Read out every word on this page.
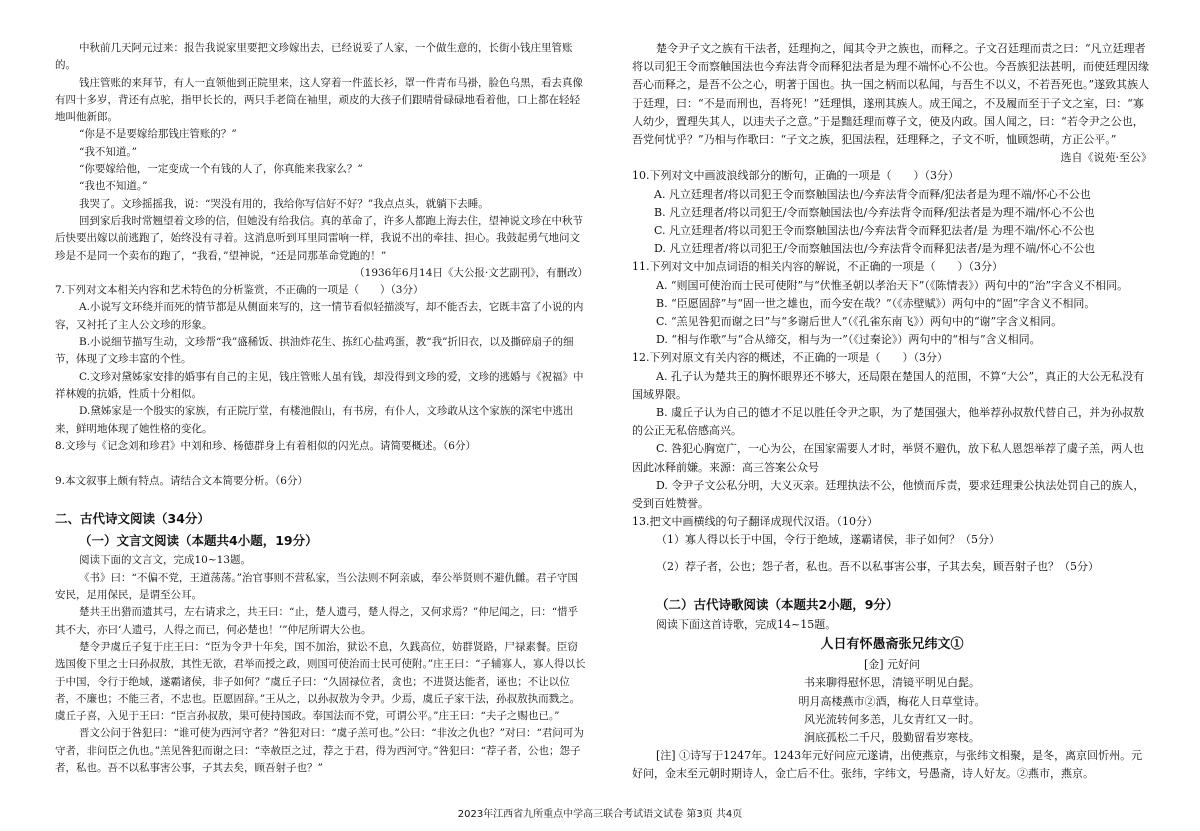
中秋前几天阿元过来：报告我说家里要把文珍嫁出去，已经说妥了人家，一个做生意的，长街小钱庄里管账的。

钱庄管账的来拜节，有人一直领他到正院里来，这人穿着一件蓝长衫，罩一件青布马褂，脸色乌黑，看去真像有四十多岁，背还有点驼，指甲长长的，两只手老筒在袖里，顽皮的大孩子们跟晴骨碌碌地看着他，口上都在轻轻地叫他新郎。

“你是不是要嫁给那钱庄管账的？”

“我不知道。”

“你要嫁给他，一定变成一个有钱的人了，你真能来我家么？”

“我也不知道。”

我哭了。文珍摇摇我，说：“哭没有用的，我给你写信好不好？”我点点头，就躺下去睡。

回到家后我时常翘望着文珍的信，但她没有给我信。真的革命了，许多人都跑上海去住，望神说文珍在中秋节后快要出嫁以前逃跑了，始终没有寻着。这消息听到耳里同雷响一样，我说不出的牵挂、担心。我鼓起勇气地问文珍是不是同一个卖布的跑了，“我看，”望神说，“还是同那革命党跑的！”

（1936年6月14日《大公报·文艺副刊》，有删改）

7.下列对文本相关内容和艺术特色的分析鉴赏，不正确的一项是（　　）（3分）

A.小说写文环绕并而死的情节都是从侧面来写的，这一情节看似轻描淡写，却不能否去，它既丰富了小说的内容，又衬托了主人公文珍的形象。

B.小说细节描写生动，文珍帮“我”盛稀饭、拱油炸花生、拣红心盐鸡蛋，教“我”折旧衣，以及撕碎扇子的细节，体现了文珍丰富的个性。

C.文珍对黛姊家安排的婚事有自己的主见，钱庄管账人虽有钱，却没得到文珍的爱，文珍的逃婚与《祝福》中祥林嫂的抗婚，性质十分相似。

D.黛姊家是一个殷实的家族，有正院厅堂，有楼池假山，有书房，有仆人，文珍敢从这个家族的深宅中逃出来，鲜明地体现了她性格的变化。

8.文珍与《记念刘和珍君》中刘和珍、杨德群身上有着相似的闪光点。请简要概述。（6分）

9.本文叙事上颇有特点。请结合文本简要分析。（6分）

二、古代诗文阅读（34分）

（一）文言文阅读（本题共4小题，19分）

阅读下面的文言文，完成10~13题。

《书》曰：“不偏不党，王道荡荡。”治官事则不营私家，当公法则不阿亲戚，奉公举贤则不避仇雠。君子守国安民，足用保民，是谓至公耳。

楚共王出猎而遗其弓，左右请求之，共王曰：“止，楚人遗弓，楚人得之，又何求焉？”仲尼闻之，曰：“惜乎其不大，亦曰‘人遗弓，人得之而已，何必楚也！’”仲尼所谓大公也。

楚令尹虞丘子复于庄王曰：“臣为令尹十年矣，国不加治，狱讼不息，久践高位，妨群贤路，尸禄素餐。臣窃选国俊下里之士曰孙叔敖，其性无欲，君举而授之政，则国可使治而士民可使附。”庄王曰：“子辅寡人，寡人得以长于中国，令行于绝域，遂霸诸侯，非子如何？”虞丘子曰：“久固禄位者，贪也；不进贤达能者，诬也；不让以位者，不廉也；不能三者，不忠也。臣愿固辞。”王从之，以孙叔敖为令尹。少焉，虞丘子家干法，孙叔敖执而戮之。虞丘子喜，入见于王曰：“臣言孙叔敖，果可使持国政。奉国法而不党，可谓公平。”庄王曰：“夫子之赐也已。”

晋文公问于咎犯曰：“谁可使为西河守者？”咎犯对曰：“虞子羔可也。”公曰：“非汝之仇也？”对曰：“君问可为守者，非问臣之仇也。”羔见咎犯而谢之曰：“幸赦臣之过，荐之于君，得为西河守。”咎犯曰：“荐子者，公也；怨子者，私也。吾不以私事害公事，子其去矣，顾吾射子也？”

楚令尹子文之族有干法者，廷理拘之，闻其令尹之族也，而释之。子文召廷理而责之曰：“凡立廷理者将以司犯王令而察触国法也今弃法背令而释犯法者是为理不端怀心不公也。今吾族犯法甚明，而使廷理因缘吾心而释之，是吾不公之心，明著于国也。执一国之柄而以私闻，与吾生不以义，不若吾死也。”遂致其族人于廷理，曰：“不是而刑也，吾将死！”廷理惧，遂刑其族人。成王闻之，不及履而至于子文之室，曰：“寡人幼少，置理失其人，以违夫子之意。”于是黜廷理而尊子文，使及内政。国人闻之，曰：“若令尹之公也，吾党何忧乎？”乃相与作歌曰：“子文之族，犯国法程，廷理释之，子文不听，恤顾怨萌，方正公平。”

选自《说苑·至公》

10.下列对文中画波浪线部分的断句，正确的一项是（　　）（3分）

A. 凡立廷理者/将以司犯王令而察触国法也/今弃法背令而释/犯法者是为理不端/怀心不公也

B. 凡立廷理者/将以司犯王/令而察触国法也/今弃法背令而释/犯法者是为理不端/怀心不公也

C. 凡立廷理者/将以司犯王令而察触国法也/今弃法背令而释犯法者/是 为理不端/怀心不公也

D. 凡立廷理者/将以司犯王/令而察触国法也/今弃法背令而释犯法者/是为理不端/怀心不公也

11.下列对文中加点词语的相关内容的解说，不正确的一项是（　　）（3分）

A. “则国可使治而士民可使附”与“伏惟圣朝以孝治天下”（《陈情表》）两句中的“治”字含义不相同。

B. “臣愿固辞”与“固一世之雄也，而今安在哉？”（《赤壁赋》）两句中的“固”字含义不相同。

C. “羔见咎犯而谢之曰”与“多谢后世人”（《孔雀东南飞》）两句中的“谢”字含义相同。

D. “相与作歌”与“合从缔交，相与为一”（《过秦论》）两句中的“相与”含义相同。

12.下列对原文有关内容的概述，不正确的一项是（　　）（3分）

A. 孔子认为楚共王的胸怀眼界还不够大，还局限在楚国人的范围，不算“大公”，真正的大公无私没有国域界限。

B. 虞丘子认为自己的德才不足以胜任令尹之职，为了楚国强大，他举荐孙叔敖代替自己，并为孙叔敖的公正无私倍感高兴。

C. 咎犯心胸宽广，一心为公，在国家需要人才时，举贤不避仇，放下私人恩怨举荐了虞子羔，两人也因此冰释前嫌。来源：高三答案公众号

D. 令尹子文公私分明，大义灭亲。廷理执法不公，他愤而斥责，要求廷理秉公执法处罚自己的族人，受到百姓赞誉。

13.把文中画横线的句子翻译成现代汉语。（10分）

（1）寡人得以长于中国，令行于绝域，遂霸诸侯，非子如何？（5分）

（2）荐子者，公也；怨子者，私也。吾不以私事害公事，子其去矣，顾吾射子也？（5分）

（二）古代诗歌阅读（本题共2小题，9分）

阅读下面这首诗歌，完成14~15题。

人日有怀愚斋张兄纬文①

[金] 元好问

书来聊得慰怀思，清镜平明见白髭。

明月高楼燕市②酒，梅花人日草堂诗。

风光流转何多恙，儿女青红又一时。

涧底孤松二千尺，殷勤留看岁寒枝。

[注] ①诗写于1247年。1243年元好问应元遂请，出使燕京，与张纬文相聚，是冬，离京回忻州。元好问，金末至元朝时期诗人，金亡后不仕。张纬，字纬文，号愚斋，诗人好友。②燕市，燕京。

2023年江西省九所重点中学高三联合考试语文试卷 第3页 共4页
